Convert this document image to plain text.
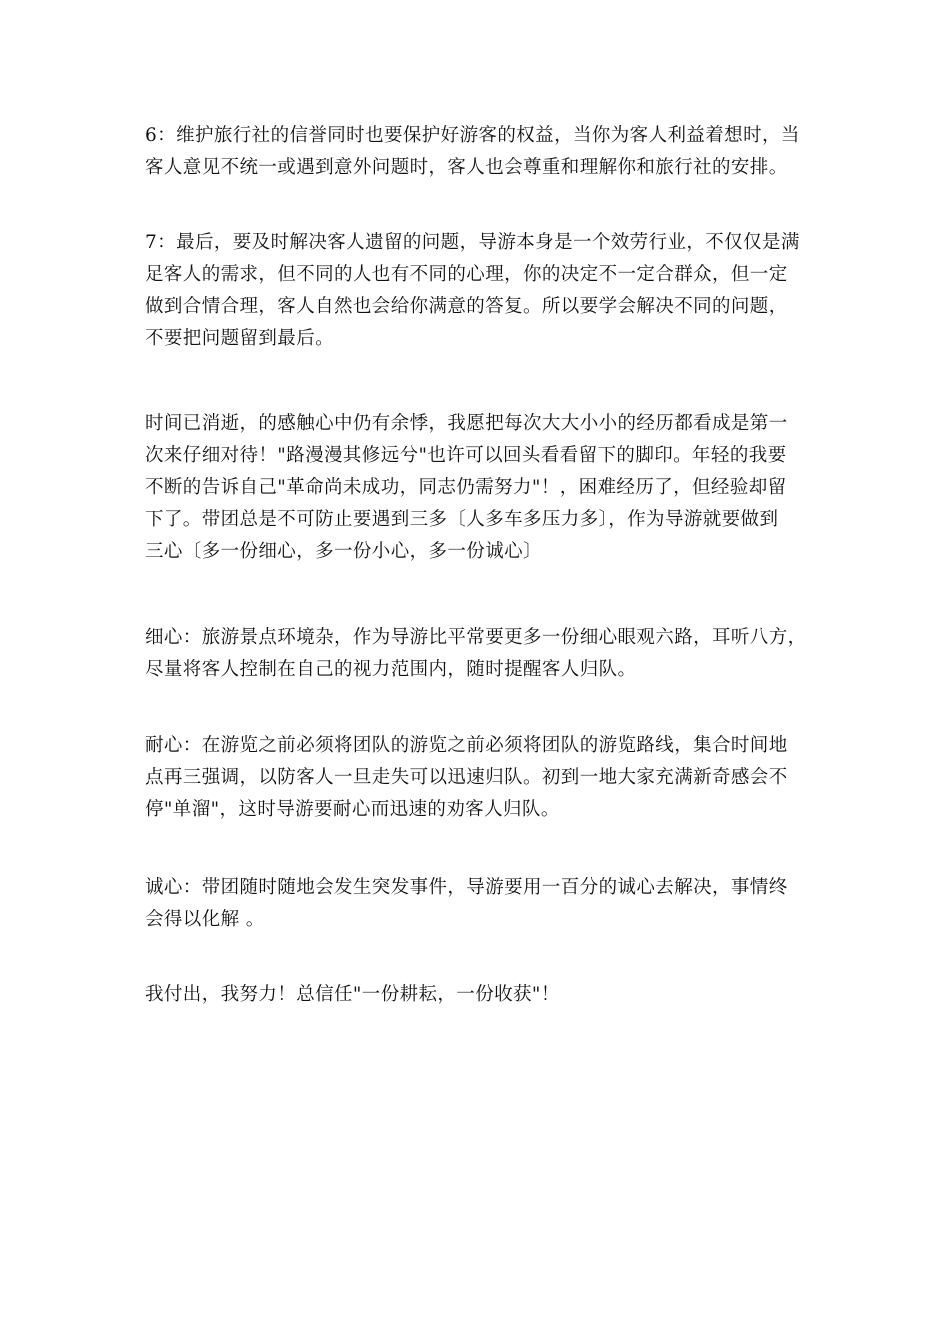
6：维护旅行社的信誉同时也要保护好游客的权益，当你为客人利益着想时，当
客人意见不统一或遇到意外问题时，客人也会尊重和理解你和旅行社的安排。
7：最后，要及时解决客人遗留的问题，导游本身是一个效劳行业，不仅仅是满
足客人的需求，但不同的人也有不同的心理，你的决定不一定合群众，但一定
做到合情合理，客人自然也会给你满意的答复。所以要学会解决不同的问题，
不要把问题留到最后。
时间已消逝，的感触心中仍有余悸，我愿把每次大大小小的经历都看成是第一
次来仔细对待！"路漫漫其修远兮"也许可以回头看看留下的脚印。年轻的我要
不断的告诉自己"革命尚未成功，同志仍需努力"！，困难经历了，但经验却留
下了。带团总是不可防止要遇到三多〔人多车多压力多〕，作为导游就要做到
三心〔多一份细心，多一份小心，多一份诚心〕
细心：旅游景点环境杂，作为导游比平常要更多一份细心眼观六路，耳听八方，
尽量将客人控制在自己的视力范围内，随时提醒客人归队。
耐心：在游览之前必须将团队的游览之前必须将团队的游览路线，集合时间地
点再三强调，以防客人一旦走失可以迅速归队。初到一地大家充满新奇感会不
停"单溜"，这时导游要耐心而迅速的劝客人归队。
诚心：带团随时随地会发生突发事件，导游要用一百分的诚心去解决，事情终
会得以化解 。
我付出，我努力！总信任"一份耕耘，一份收获"！
